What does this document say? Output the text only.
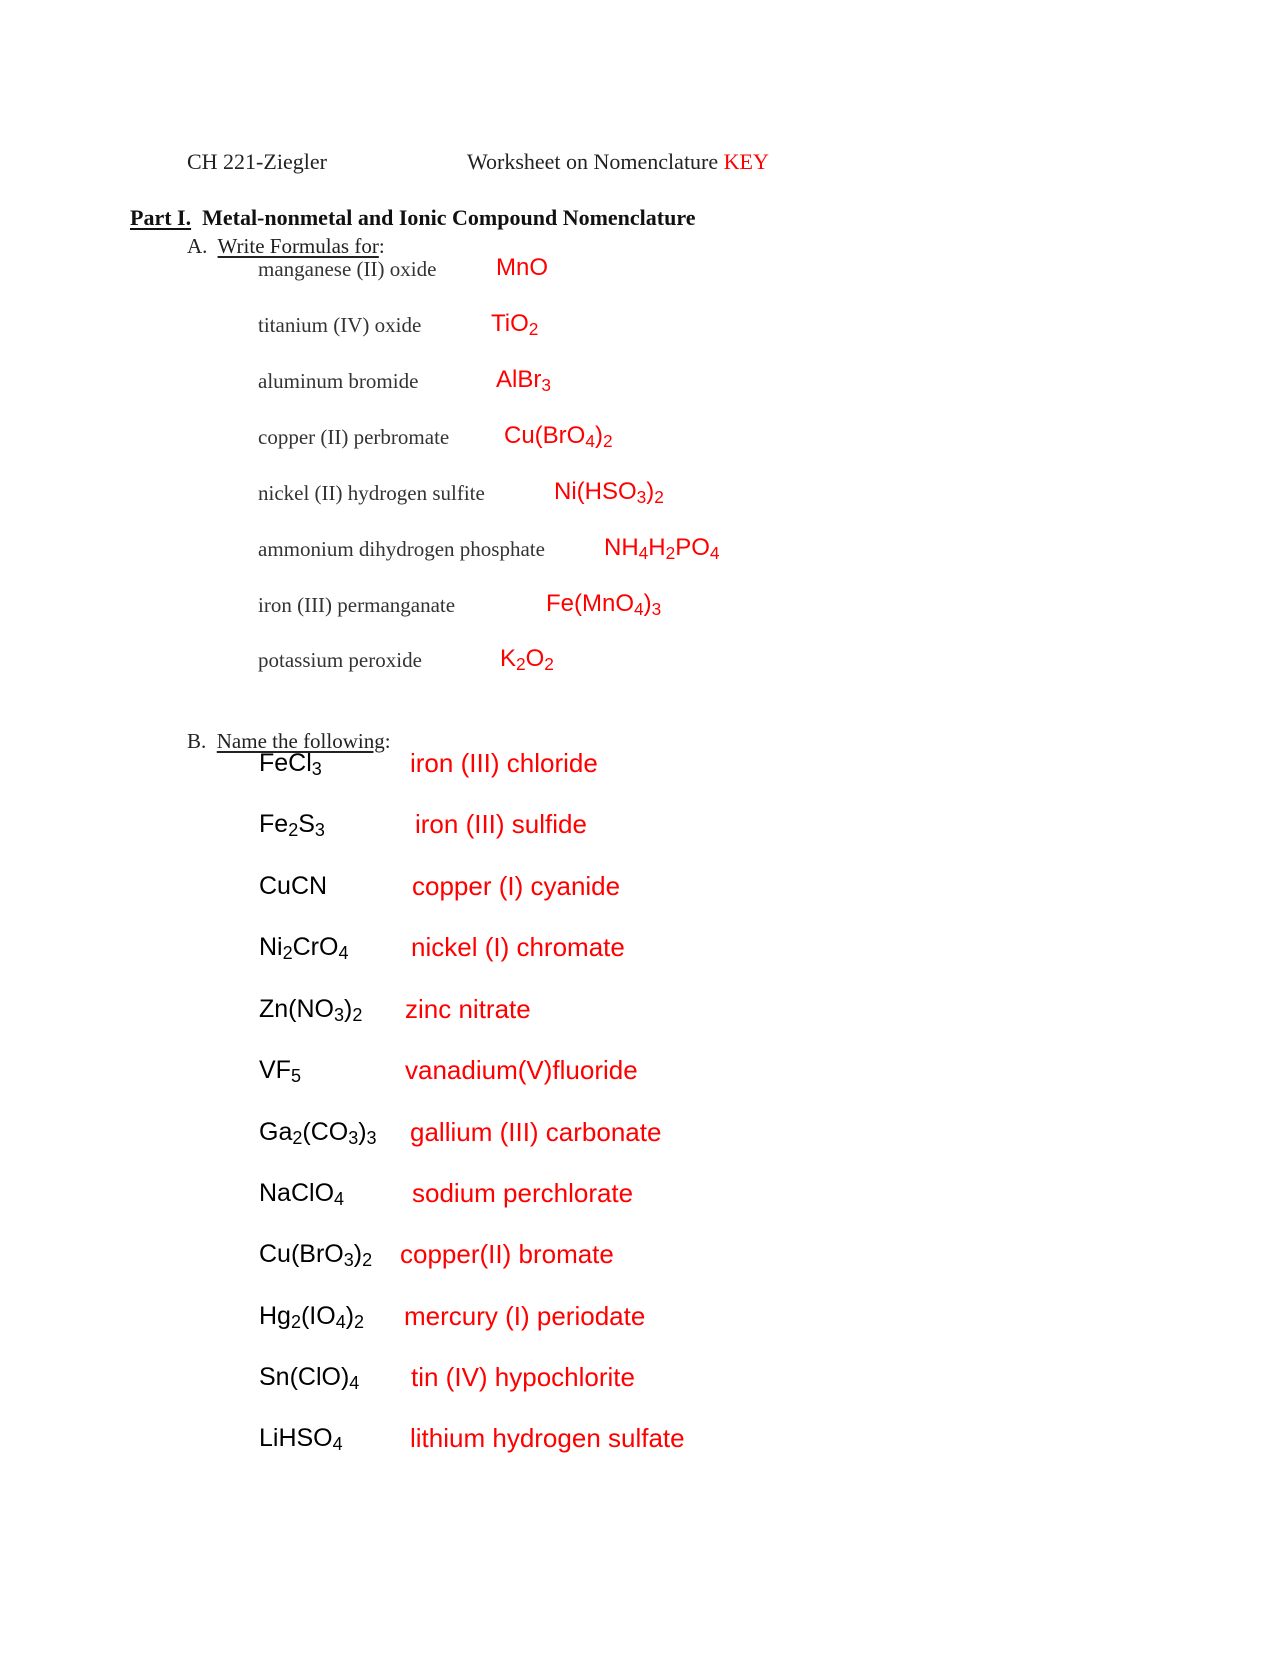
CH 221-Ziegler	Worksheet on Nomenclature KEY
Part I. Metal-nonmetal and Ionic Compound Nomenclature
A. Write Formulas for:
manganese (II) oxide MnO
titanium (IV) oxide	TiO$_2$
aluminum bromide	AlBr$_3$
copper (II) perbromate $Cu(BrO_4)_2$
nickel (II) hydrogen sulfite	$Ni(HSO_3)_2$
ammonium dihydrogen phosphate $NH_4H_2PO_4$
iron (III) permanganate	$Fe(MnO_4)_3$
potassium peroxide	$K_2O_2$
B. Name the following:
FeCl$_3$	iron (III) chloride
$Fe_2S_3$	iron (III) sulfide
CuCN	copper (I) cyanide
$Ni_2CrO_4$ nickel (I) chromate
$Zn(NO_3)_2$ zinc nitrate
$VF_5$	vanadium(V)fluoride
$Ga_2(CO_3)_3$ gallium (III) carbonate
NaClO$_4$	sodium perchlorate
$Cu(BrO_3)_2$ copper(II) bromate
$Hg_2(IO_4)_2$ mercury (I) periodate
$Sn(ClO)_4$ tin (IV) hypochlorite
LiHSO$_4$	lithium hydrogen sulfate
